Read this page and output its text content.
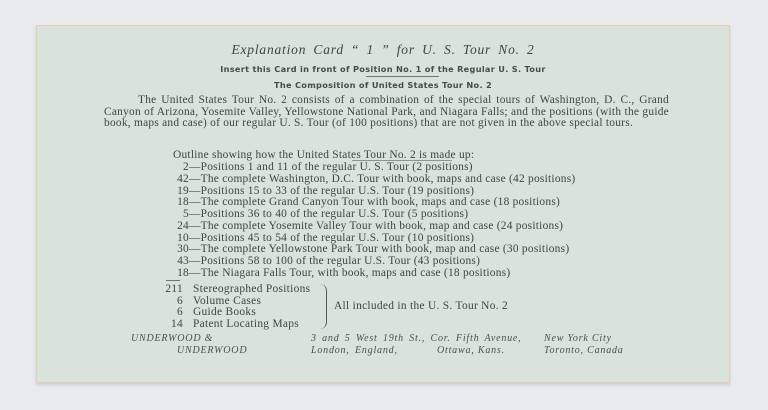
Explanation Card “ 1 ” for U. S. Tour No. 2
Insert this Card in front of Position No. 1 of the Regular U. S. Tour
The Composition of United States Tour No. 2
The United States Tour No. 2 consists of a combination of the special tours of Washington, D. C., Grand Canyon of Arizona, Yosemite Valley, Yellowstone National Park, and Niagara Falls; and the positions (with the guide book, maps and case) of our regular U. S. Tour (of 100 positions) that are not given in the above special tours.
Outline showing how the United States Tour No. 2 is made up:
2—Positions 1 and 11 of the regular U. S. Tour (2 positions)
42—The complete Washington, D.C. Tour with book, maps and case (42 positions)
19—Positions 15 to 33 of the regular U.S. Tour (19 positions)
18—The complete Grand Canyon Tour with book, maps and case (18 positions)
5—Positions 36 to 40 of the regular U.S. Tour (5 positions)
24—The complete Yosemite Valley Tour with book, map and case (24 positions)
10—Positions 45 to 54 of the regular U.S. Tour (10 positions)
30—The complete Yellowstone Park Tour with book, map and case (30 positions)
43—Positions 58 to 100 of the regular U.S. Tour (43 positions)
18—The Niagara Falls Tour, with book, maps and case (18 positions)
211 Stereographed Positions
6 Volume Cases
6 Guide Books
14 Patent Locating Maps
All included in the U. S. Tour No. 2
UNDERWOOD &
UNDERWOOD
3 and 5 West 19th St., Cor. Fifth Avenue,
London, England,
	Ottawa, Kans.
New York City
Toronto, Canada
